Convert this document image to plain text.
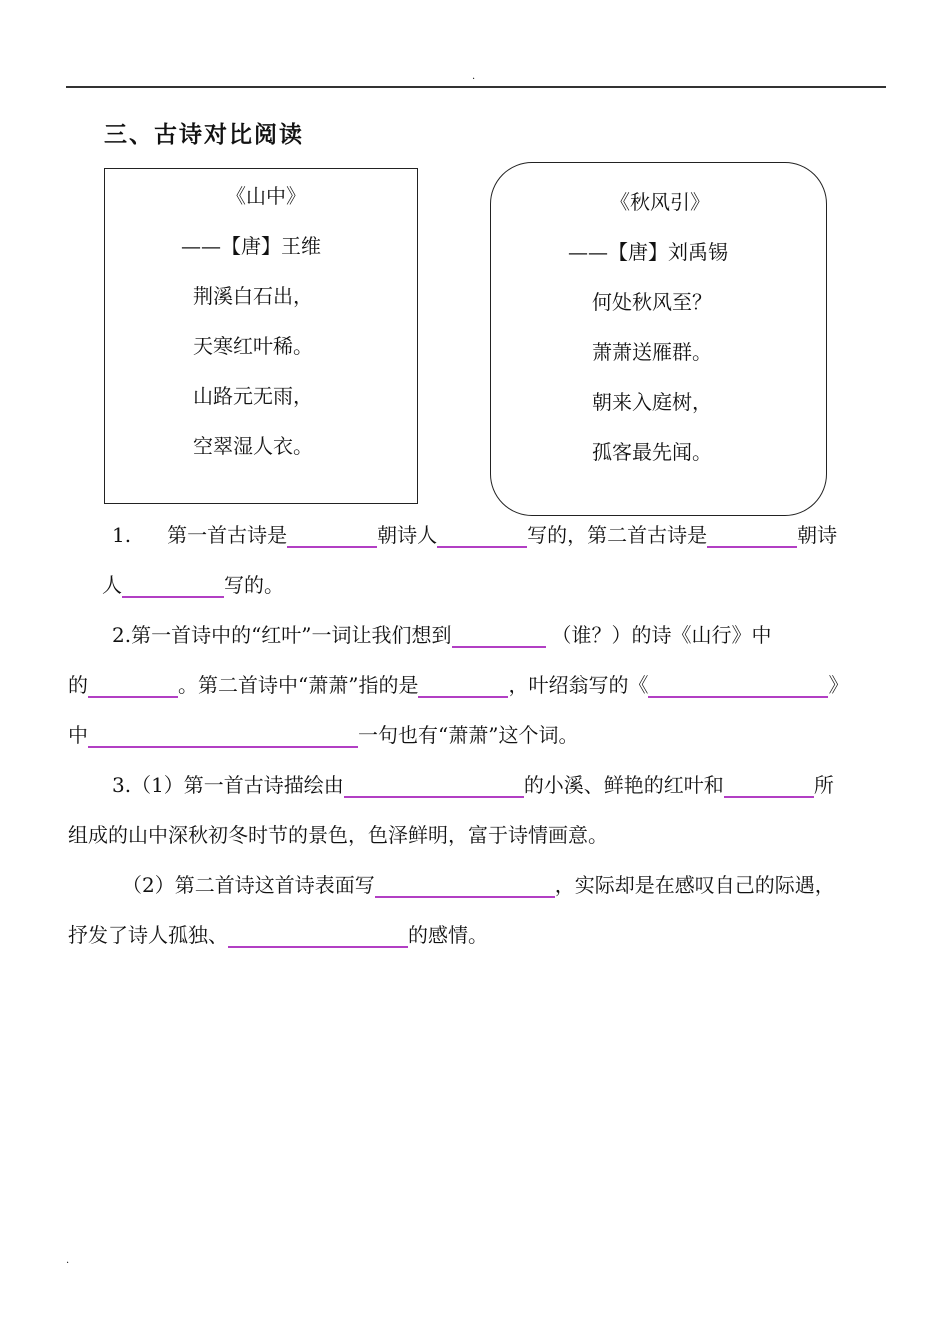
.
三、古诗对比阅读
《山中》
——【唐】王维
荆溪白石出，
天寒红叶稀。
山路元无雨，
空翠湿人衣。
《秋风引》
——【唐】刘禹锡
何处秋风至？
萧萧送雁群。
朝来入庭树，
孤客最先闻。
1. 第一首古诗是	朝诗人	写的，第二首古诗是	朝诗
人	写的。
2.第一首诗中的“红叶”一词让我们想到	（谁？）的诗《山行》中
的	。第二首诗中“萧萧”指的是	，叶绍翁写的《	》
中	一句也有“萧萧”这个词。
3.（1）第一首古诗描绘由	的小溪、鲜艳的红叶和	所
组成的山中深秋初冬时节的景色，色泽鲜明，富于诗情画意。
（2）第二首诗这首诗表面写	，实际却是在感叹自己的际遇，
抒发了诗人孤独、	的感情。
.
